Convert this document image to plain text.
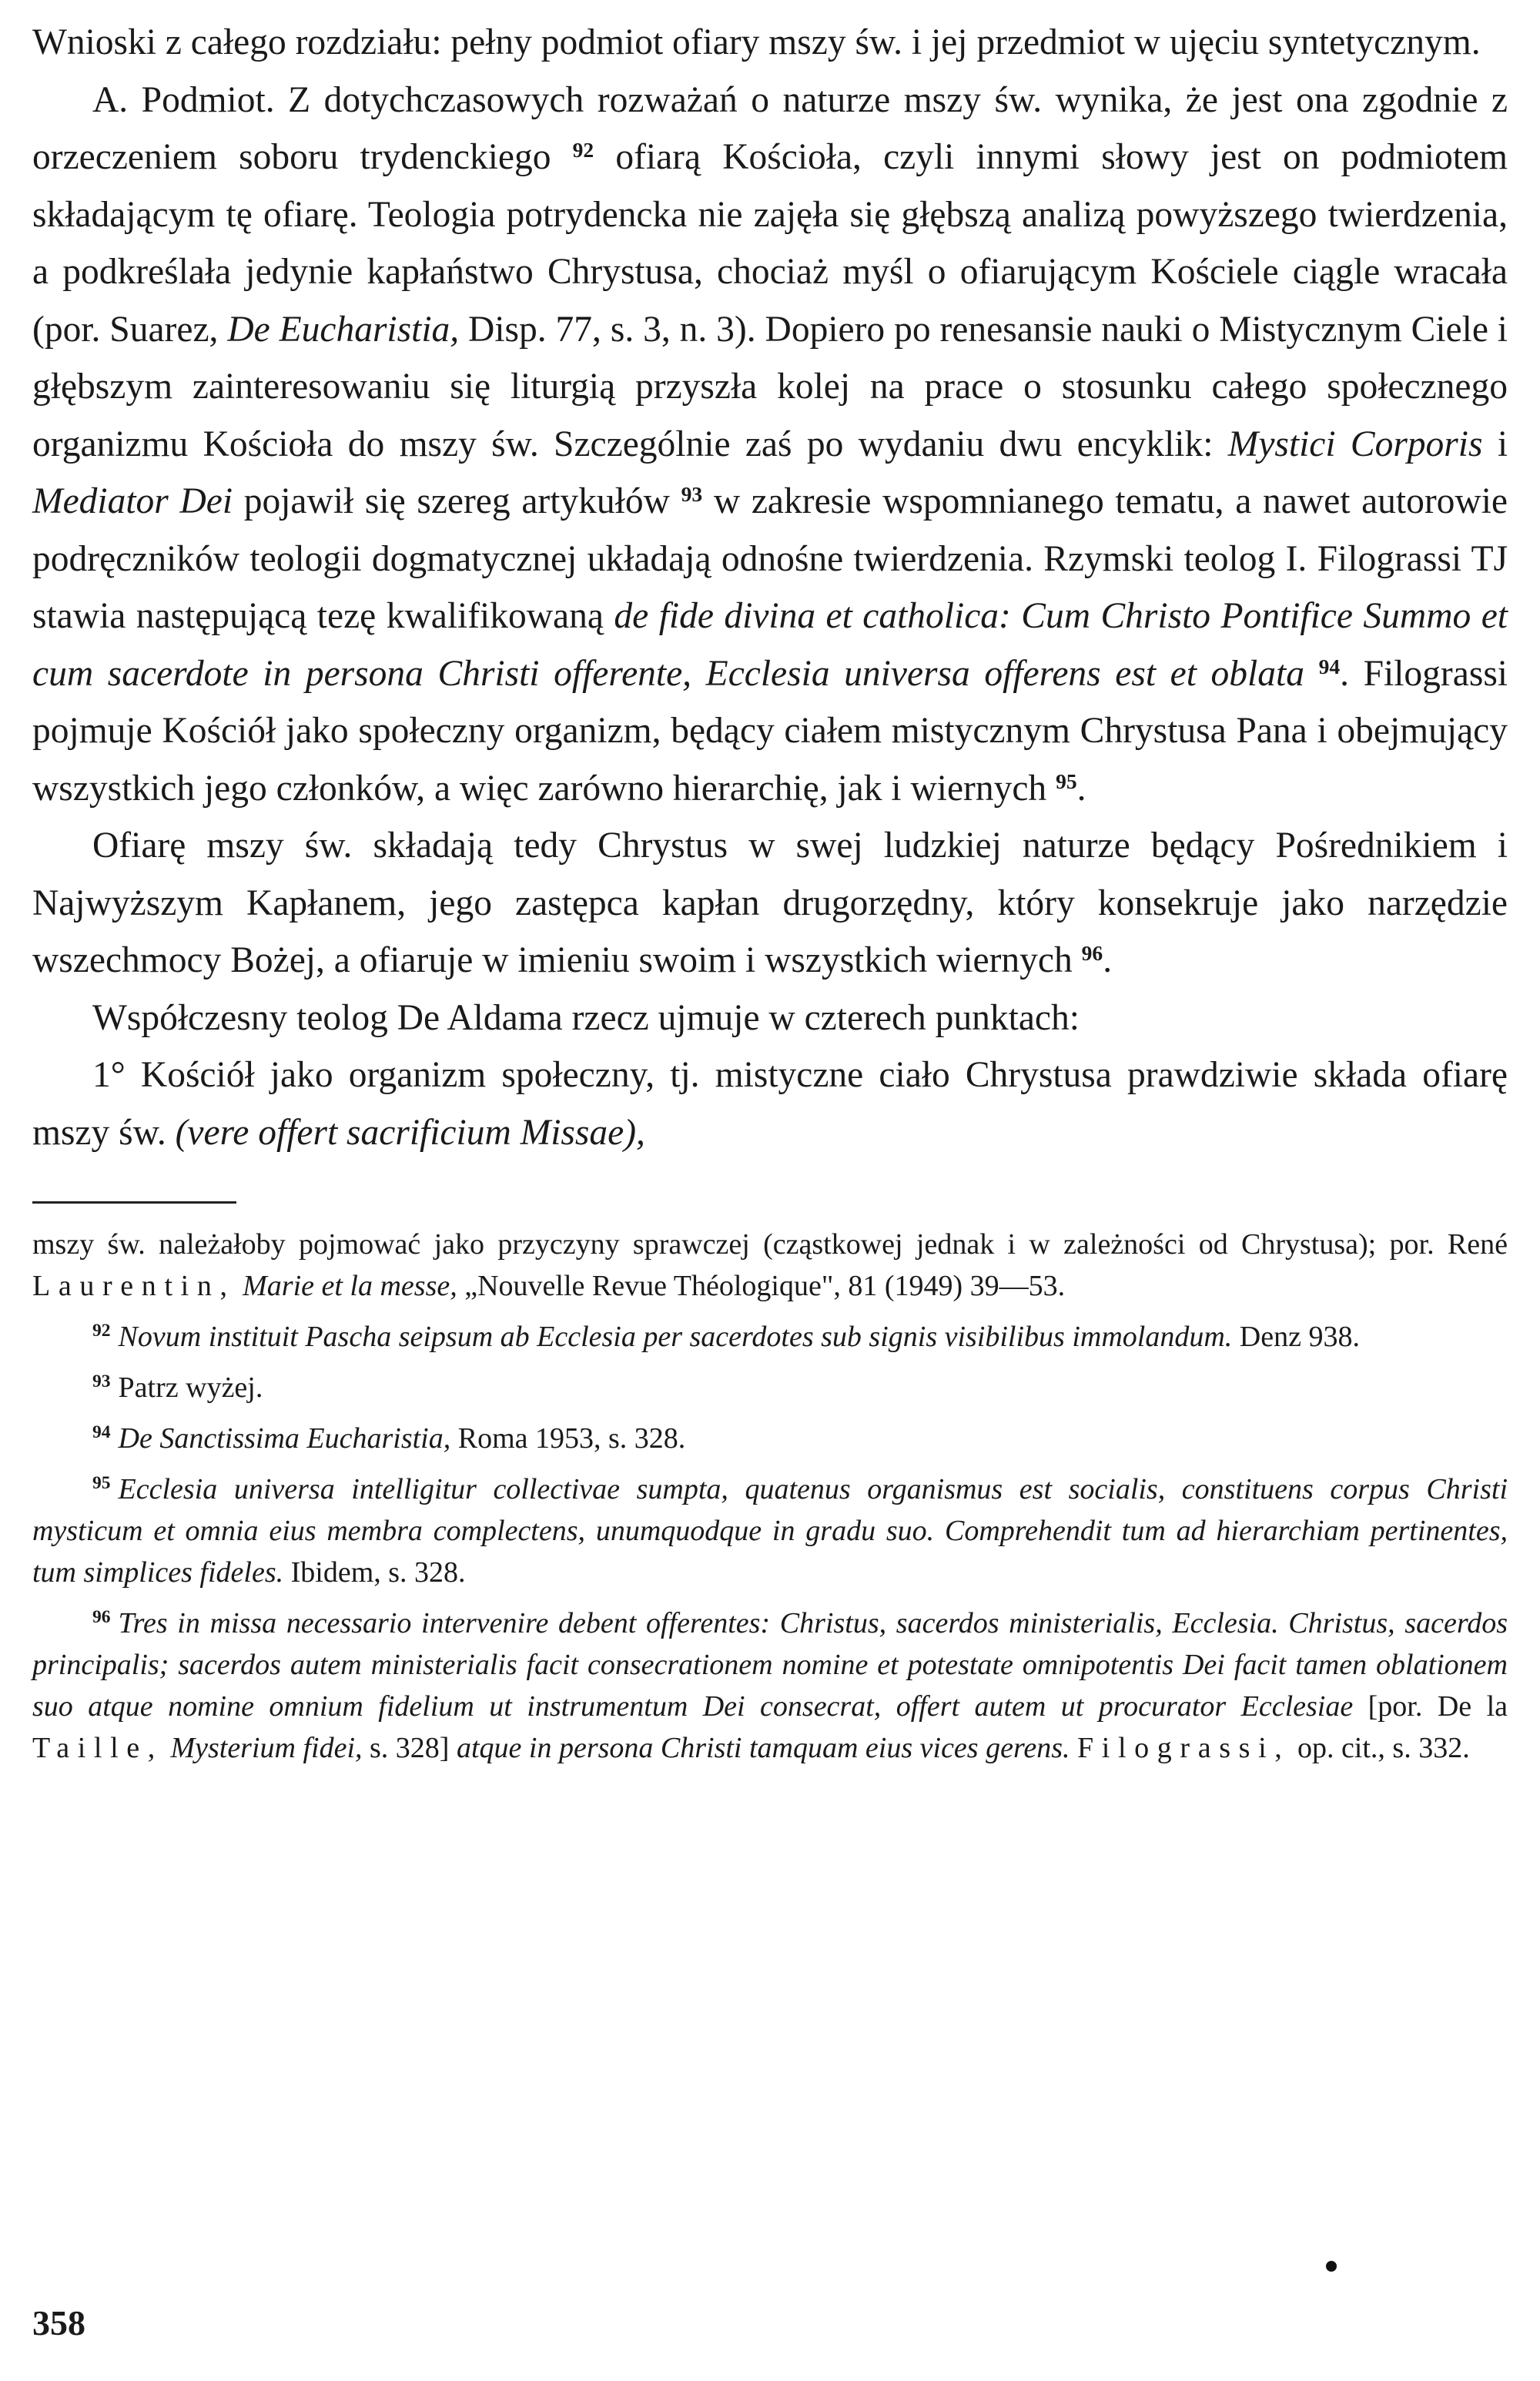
Wnioski z całego rozdziału: pełny podmiot ofiary mszy św. i jej przedmiot w ujęciu syntetycznym.

A. Podmiot. Z dotychczasowych rozważań o naturze mszy św. wynika, że jest ona zgodnie z orzeczeniem soboru trydenckiego $^{92}$ ofiarą Kościoła, czyli innymi słowy jest on podmiotem składającym tę ofiarę. Teologia potrydencka nie zajęła się głębszą analizą powyższego twierdzenia, a podkreślała jedynie kapłaństwo Chrystusa, chociaż myśl o ofiarującym Kościele ciągle wracała (por. Suarez, De Eucharistia, Disp. 77, s. 3, n. 3). Dopiero po renesansie nauki o Mistycznym Ciele i głębszym zainteresowaniu się liturgią przyszła kolej na prace o stosunku całego społecznego organizmu Kościoła do mszy św. Szczególnie zaś po wydaniu dwu encyklik: Mystici Corporis i Mediator Dei pojawił się szereg artykułów $^{93}$ w zakresie wspomnianego tematu, a nawet autorowie podręczników teologii dogmatycznej układają odnośne twierdzenia. Rzymski teolog I. Filograssi TJ stawia następującą tezę kwalifikowaną de fide divina et catholica: Cum Christo Pontifice Summo et cum sacerdote in persona Christi offerente, Ecclesia universa offerens est et oblata $^{94}$. Filograssi pojmuje Kościół jako społeczny organizm, będący ciałem mistycznym Chrystusa Pana i obejmujący wszystkich jego członków, a więc zarówno hierarchię, jak i wiernych $^{95}$.

Ofiarę mszy św. składają tedy Chrystus w swej ludzkiej naturze będący Pośrednikiem i Najwyższym Kapłanem, jego zastępca kapłan drugorzędny, który konsekruje jako narzędzie wszechmocy Bożej, a ofiaruje w imieniu swoim i wszystkich wiernych $^{96}$.

Współczesny teolog De Aldama rzecz ujmuje w czterech punktach:

1° Kościół jako organizm społeczny, tj. mistyczne ciało Chrystusa prawdziwie składa ofiarę mszy św. (vere offert sacrificium Missae),

mszy św. należałoby pojmować jako przyczyny sprawczej (cząstkowej jednak i w zależności od Chrystusa); por. René Laurentin, Marie et la messe, „Nouvelle Revue Théologique", 81 (1949) 39—53.

$^{92}$ Novum instituit Pascha seipsum ab Ecclesia per sacerdotes sub signis visibilibus immolandum. Denz 938.

$^{93}$ Patrz wyżej.

$^{94}$ De Sanctissima Eucharistia, Roma 1953, s. 328.

$^{95}$ Ecclesia universa intelligitur collectivae sumpta, quatenus organismus est socialis, constituens corpus Christi mysticum et omnia eius membra complectens, unumquodque in gradu suo. Comprehendit tum ad hierarchiam pertinentes, tum simplices fideles. Ibidem, s. 328.

$^{96}$ Tres in missa necessario intervenire debent offerentes: Christus, sacerdos ministerialis, Ecclesia. Christus, sacerdos principalis; sacerdos autem ministerialis facit consecrationem nomine et potestate omnipotentis Dei facit tamen oblationem suo atque nomine omnium fidelium ut instrumentum Dei consecrat, offert autem ut procurator Ecclesiae [por. De la Taille, Mysterium fidei, s. 328] atque in persona Christi tamquam eius vices gerens. Filograssi, op. cit., s. 332.

358
